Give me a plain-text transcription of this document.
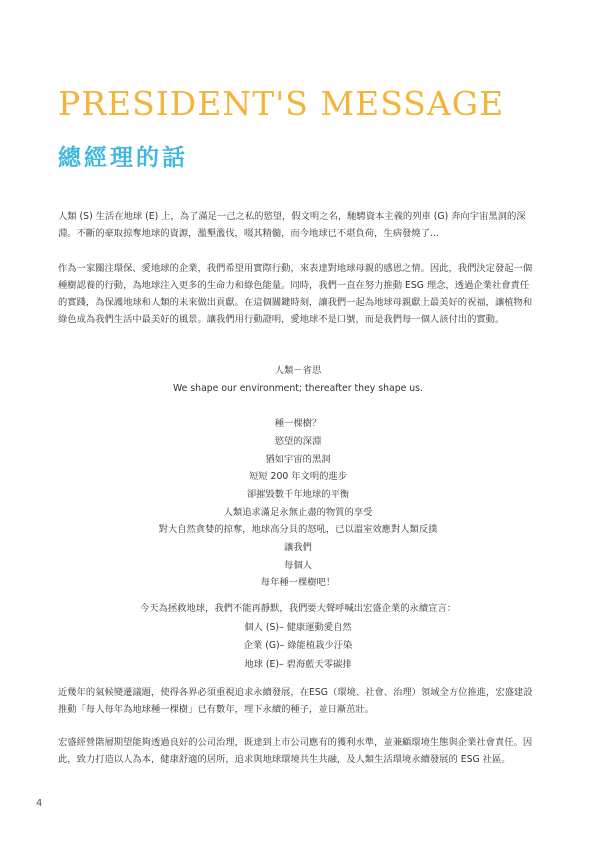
PRESIDENT'S MESSAGE
總經理的話

人類 (S) 生活在地球 (E) 上，為了滿足一己之私的慾望，假文明之名，馳騁資本主義的列車 (G) 奔向宇宙黑洞的深淵。不斷的豪取掠奪地球的資源，濫墾濫伐，啜其精髓，而今地球已不堪負荷，生病發燒了...

作為一家關注環保、愛地球的企業，我們希望用實際行動，來表達對地球母親的感恩之情。因此，我們決定發起一個種樹認養的行動，為地球注入更多的生命力和綠色能量。同時，我們一直在努力推動 ESG 理念，透過企業社會責任的實踐，為保護地球和人類的未來做出貢獻。在這個關鍵時刻，讓我們一起為地球母親獻上最美好的祝福，讓植物和綠色成為我們生活中最美好的風景。讓我們用行動證明，愛地球不是口號，而是我們每一個人該付出的實動。

人類－省思
We shape our environment; thereafter they shape us.

種一棵樹？
慾望的深淵
猶如宇宙的黑洞
短短 200 年文明的進步
卻摧毀數千年地球的平衡
人類追求滿足永無止盡的物質的享受
對大自然貪婪的掠奪，地球高分貝的怒吼，已以溫室效應對人類反撲
讓我們
每個人
每年種一棵樹吧！
今天為拯救地球，我們不能再靜默，我們要大聲呼喊出宏盛企業的永續宣言：
個人 (S)– 健康運動愛自然
企業 (G)– 綠能植栽少汙染
地球 (E)– 碧海藍天零碳排

近幾年的氣候變遷議題，使得各界必須重視追求永續發展，在ESG（環境、社會、治理）領域全方位推進，宏盛建設推動「每人每年為地球種一棵樹」已有數年，埋下永續的種子，並日漸茁壯。

宏盛經營階層期望能夠透過良好的公司治理，既達到上市公司應有的獲利水準，並兼顧環境生態與企業社會責任。因此，致力打造以人為本，健康舒適的居所，追求與地球環境共生共融，及人類生活環境永續發展的 ESG 社區。

4
